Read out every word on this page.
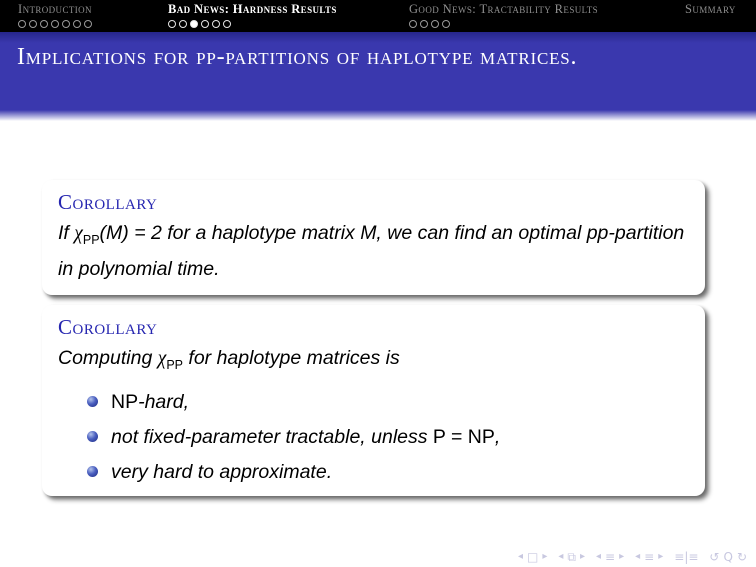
Introduction	Bad News: Hardness Results	Good News: Tractability Results	Summary
Implications for pp-partitions of haplotype matrices.
Corollary
If $\chi_{PP}(M) = 2$ for a haplotype matrix M, we can find an optimal pp-partition in polynomial time.
Corollary
Computing $\chi_{PP}$ for haplotype matrices is
NP-hard,
not fixed-parameter tractable, unless P = NP,
very hard to approximate.
◂ □ ▸ ◂ ⧉ ▸ ◂ ≡ ▸ ◂ ≡ ▸ ≡|≡ ↺ Q ↻
